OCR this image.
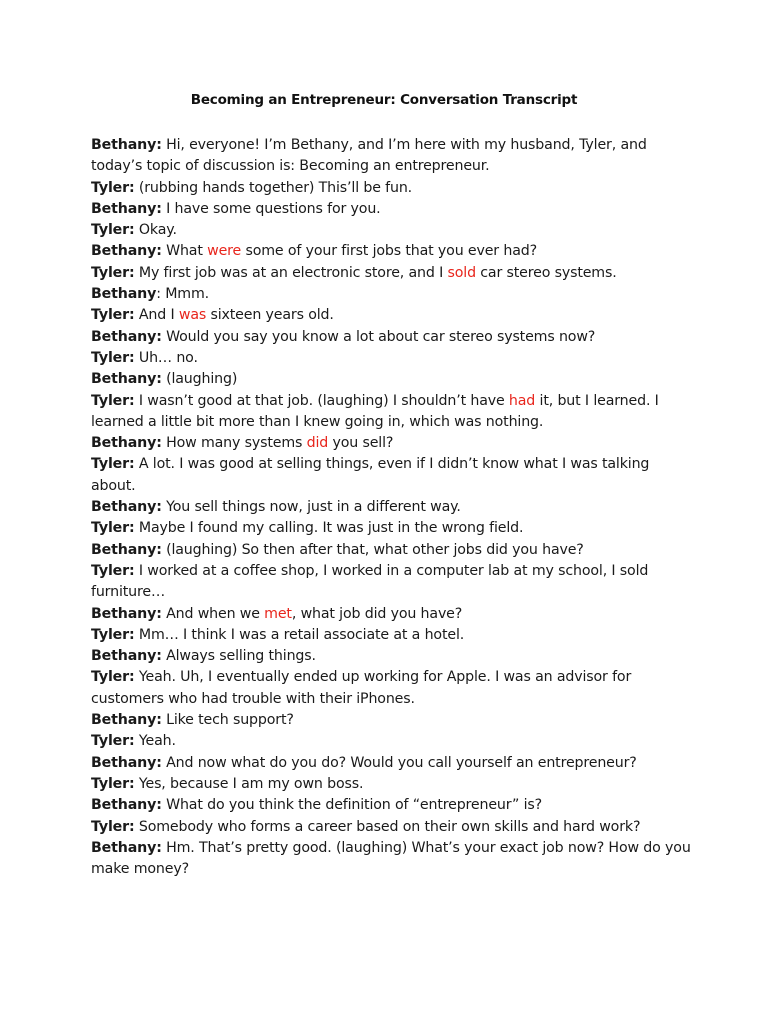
Becoming an Entrepreneur: Conversation Transcript

Bethany: Hi, everyone! I’m Bethany, and I’m here with my husband, Tyler, and today’s topic of discussion is: Becoming an entrepreneur.

Tyler: (rubbing hands together) This’ll be fun.

Bethany: I have some questions for you.

Tyler: Okay.

Bethany: What were some of your first jobs that you ever had?

Tyler: My first job was at an electronic store, and I sold car stereo systems.

Bethany: Mmm.

Tyler: And I was sixteen years old.

Bethany: Would you say you know a lot about car stereo systems now?

Tyler: Uh… no.

Bethany: (laughing)

Tyler: I wasn’t good at that job. (laughing) I shouldn’t have had it, but I learned. I learned a little bit more than I knew going in, which was nothing.

Bethany: How many systems did you sell?

Tyler: A lot. I was good at selling things, even if I didn’t know what I was talking about.

Bethany: You sell things now, just in a different way.

Tyler: Maybe I found my calling. It was just in the wrong field.

Bethany: (laughing) So then after that, what other jobs did you have?

Tyler: I worked at a coffee shop, I worked in a computer lab at my school, I sold furniture…

Bethany: And when we met, what job did you have?

Tyler: Mm… I think I was a retail associate at a hotel.

Bethany: Always selling things.

Tyler: Yeah. Uh, I eventually ended up working for Apple. I was an advisor for customers who had trouble with their iPhones.

Bethany: Like tech support?

Tyler: Yeah.

Bethany: And now what do you do? Would you call yourself an entrepreneur?

Tyler: Yes, because I am my own boss.

Bethany: What do you think the definition of “entrepreneur” is?

Tyler: Somebody who forms a career based on their own skills and hard work?

Bethany: Hm. That’s pretty good. (laughing) What’s your exact job now? How do you make money?
